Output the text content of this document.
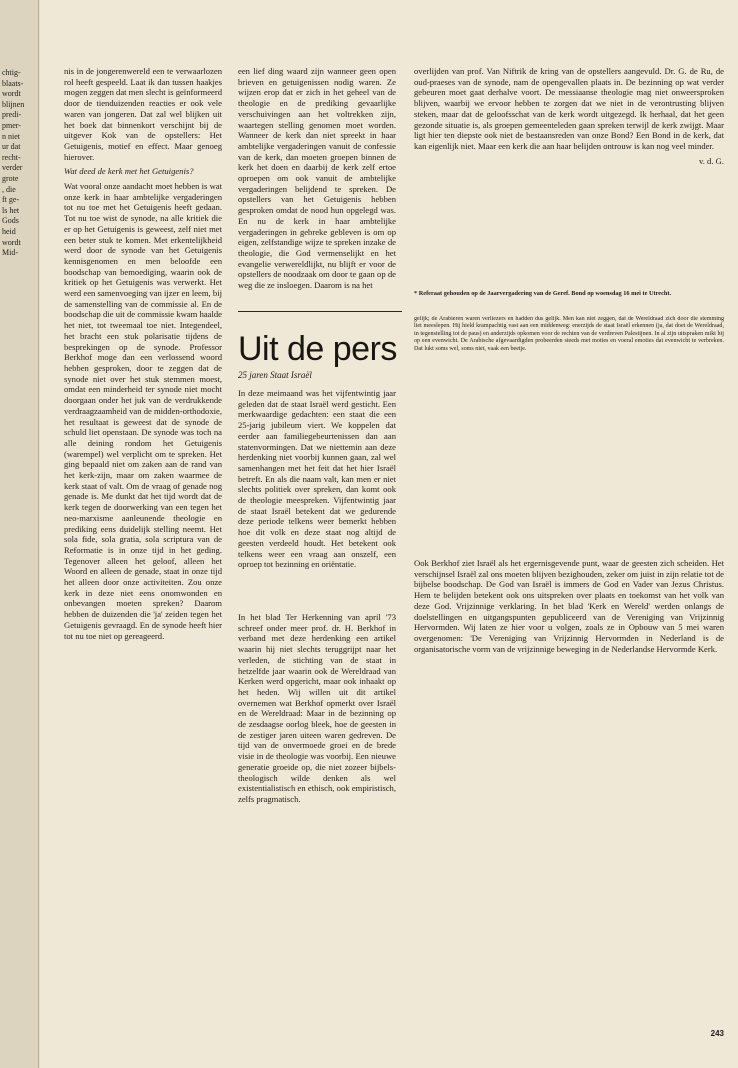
chtig-
blaats-
wordt
blijnen
predi-
pmer-
n niet
ur dat
recht-
verder
grote
, die
ft ge-
ls het
Gods
heid
wordt
Mid-

nis in de jongerenwereld een te verwaarlozen rol heeft gespeeld. Laat ik dan tussen haakjes mogen zeggen dat men slecht is geïnformeerd door de tienduizenden reacties er ook vele waren van jongeren. Dat zal wel blijken uit het boek dat binnenkort verschijnt bij de uitgever Kok van de opstellers: Het Getuigenis, motief en effect. Maar genoeg hierover.

Wat deed de kerk met het Getuigenis?

Wat vooral onze aandacht moet hebben is wat onze kerk in haar ambtelijke vergaderingen tot nu toe met het Getuigenis heeft gedaan. Tot nu toe wist de synode, na alle kritiek die er op het Getuigenis is geweest, zelf niet met een beter stuk te komen. Met erkentelijkheid werd door de synode van het Getuigenis kennisgenomen en men beloofde een boodschap van bemoediging, waarin ook de kritiek op het Getuigenis was verwerkt. Het werd een samenvoeging van ijzer en leem, bij de samenstelling van de commissie al. En de boodschap die uit de commissie kwam haalde het niet, tot tweemaal toe niet. Integendeel, het bracht een stuk polarisatie tijdens de besprekingen op de synode. Professor Berkhof moge dan een verlossend woord hebben gesproken, door te zeggen dat de synode niet over het stuk stemmen moest, omdat een minderheid ter synode niet mocht doorgaan onder het juk van de verdrukkende verdraagzaamheid van de midden-orthodoxie, het resultaat is geweest dat de synode de schuld liet openstaan. De synode was toch na alle deining rondom het Getuigenis (warempel) wel verplicht om te spreken. Het ging bepaald niet om zaken aan de rand van het kerk-zijn, maar om zaken waarmee de kerk staat of valt. Om de vraag of genade nog genade is. Me dunkt dat het tijd wordt dat de kerk tegen de doorwerking van een tegen het neo-marxisme aanleunende theologie en prediking eens duidelijk stelling neemt. Het sola fide, sola gratia, sola scriptura van de Reformatie is in onze tijd in het geding. Tegenover alleen het geloof, alleen het Woord en alleen de genade, staat in onze tijd het alleen door onze activiteiten. Zou onze kerk in deze niet eens onomwonden en onbevangen moeten spreken? Daarom hebben de duizenden die 'ja' zeiden tegen het Getuigenis gevraagd. En de synode heeft hier tot nu toe niet op gereageerd.

een lief ding waard zijn wanneer geen open brieven en getuigenissen nodig waren. Ze wijzen erop dat er zich in het geheel van de theologie en de prediking gevaarlijke verschuivingen aan het voltrekken zijn, waartegen stelling genomen moet worden. Wanneer de kerk dan niet spreekt in haar ambtelijke vergaderingen vanuit de confessie van de kerk, dan moeten groepen binnen de kerk het doen en daarbij de kerk zelf ertoe oproepen om ook vanuit de ambtelijke vergaderingen belijdend te spreken. De opstellers van het Getuigenis hebben gesproken omdat de nood hun opgelegd was. En nu de kerk in haar ambtelijke vergaderingen in gebreke gebleven is om op eigen, zelfstandige wijze te spreken inzake de theologie, die God vermenselijkt en het evangelie verwereldlijkt, nu blijft er voor de opstellers de noodzaak om door te gaan op de weg die ze insloegen. Daarom is na het

overlijden van prof. Van Niftrik de kring van de opstellers aangevuld. Dr. G. de Ru, de oud-praeses van de synode, nam de opengevallen plaats in. De bezinning op wat verder gebeuren moet gaat derhalve voort. De messiaanse theologie mag niet onweersproken blijven, waarbij we ervoor hebben te zorgen dat we niet in de verontrusting blijven steken, maar dat de geloofsschat van de kerk wordt uitgezegd. Ik herhaal, dat het geen gezonde situatie is, als groepen gemeenteleden gaan spreken terwijl de kerk zwijgt. Maar ligt hier ten diepste ook niet de bestaansreden van onze Bond? Een Bond in de kerk, dat kan eigenlijk niet. Maar een kerk die aan haar belijden ontrouw is kan nog veel minder.

v. d. G.

* Referaat gehouden op de Jaarvergadering van de Geref. Bond op woensdag 16 mei te Utrecht.
Uit de pers
25 jaren Staat Israël

In deze meimaand was het vijfentwintig jaar geleden dat de staat Israël werd gesticht. Een merkwaardige gedachten: een staat die een 25-jarig jubileum viert. We koppelen dat eerder aan familiegebeurtenissen dan aan statenvormingen. Dat we niettemin aan deze herdenking niet voorbij kunnen gaan, zal wel samenhangen met het feit dat het hier Israël betreft. En als die naam valt, kan men er niet slechts politiek over spreken, dan komt ook de theologie meespreken. Vijfentwintig jaar de staat Israël betekent dat we gedurende deze periode telkens weer bemerkt hebben hoe dit volk en deze staat nog altijd de geesten verdeeld houdt. Het betekent ook telkens weer een vraag aan onszelf, een oproep tot bezinning en oriëntatie.

In het blad Ter Herkenning van april '73 schreef onder meer prof. dr. H. Berkhof in verband met deze herdenking een artikel waarin hij niet slechts teruggrijpt naar het verleden, de stichting van de staat in hetzelfde jaar waarin ook de Wereldraad van Kerken werd opgericht, maar ook inhaakt op het heden. Wij willen uit dit artikel overnemen wat Berkhof opmerkt over Israël en de Wereldraad: Maar in de bezinning op de zesdaagse oorlog bleek, hoe de geesten in de zestiger jaren uiteen waren gedreven. De tijd van de onvermoede groei en de brede visie in de theologie was voorbij. Een nieuwe generatie groeide op, die niet zozeer bijbels-theologisch wilde denken als wel existentialistisch en ethisch, ook empiristisch, zelfs pragmatisch.

gelijk; de Arabieren waren verliezers en hadden dus gelijk. Men kan niet zeggen, dat de Wereldraad zich door die stemming liet meeslepen. Hij hield krampachtig vast aan een middenweg: enerzijds de staat Israël erkennen (ja, dat doet de Wereldraad, in tegenstelling tot de paus) en anderzijds opkomen voor de rechten van de verdreven Palestijnen. In al zijn uitspraken mikt hij op een evenwicht. De Arabische afgevaardigden probeerden steeds met moties en voeral emoties dat evenwicht te verbreken. Dat lukt soms wel, soms niet, vaak een beetje.

Ook Berkhof ziet Israël als het ergernisgevende punt, waar de geesten zich scheiden. Het verschijnsel Israël zal ons moeten blijven bezighouden, zeker om juist in zijn relatie tot de bijbelse boodschap. De God van Israël is immers de God en Vader van Jezus Christus. Hem te belijden betekent ook ons uitspreken over plaats en toekomst van het volk van deze God. Vrijzinnige verklaring. In het blad 'Kerk en Wereld' werden onlangs de doelstellingen en uitgangspunten gepubliceerd van de Vereniging van Vrijzinnig Hervormden. Wij laten ze hier voor u volgen, zoals ze in Opbouw van 5 mei waren overgenomen: 'De Vereniging van Vrijzinnig Hervormden in Nederland is de organisatorische vorm van de vrijzinnige beweging in de Nederlandse Hervormde Kerk.

243
